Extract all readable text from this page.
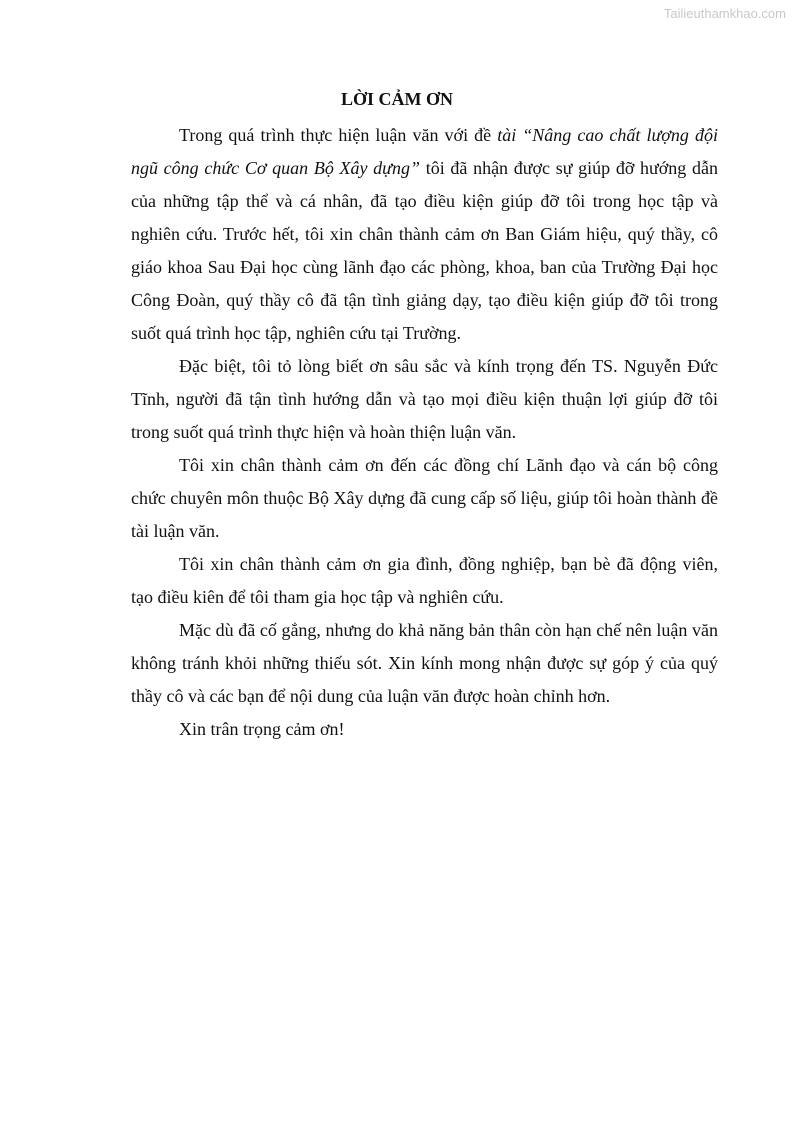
Tailieuthamkhao.com
LỜI CẢM ƠN

Trong quá trình thực hiện luận văn với đề tài “Nâng cao chất lượng đội ngũ công chức Cơ quan Bộ Xây dựng” tôi đã nhận được sự giúp đỡ hướng dẫn của những tập thể và cá nhân, đã tạo điều kiện giúp đỡ tôi trong học tập và nghiên cứu. Trước hết, tôi xin chân thành cảm ơn Ban Giám hiệu, quý thầy, cô giáo khoa Sau Đại học cùng lãnh đạo các phòng, khoa, ban của Trường Đại học Công Đoàn, quý thầy cô đã tận tình giảng dạy, tạo điều kiện giúp đỡ tôi trong suốt quá trình học tập, nghiên cứu tại Trường.

Đặc biệt, tôi tỏ lòng biết ơn sâu sắc và kính trọng đến TS. Nguyễn Đức Tĩnh, người đã tận tình hướng dẫn và tạo mọi điều kiện thuận lợi giúp đỡ tôi trong suốt quá trình thực hiện và hoàn thiện luận văn.

Tôi xin chân thành cảm ơn đến các đồng chí Lãnh đạo và cán bộ công chức chuyên môn thuộc Bộ Xây dựng đã cung cấp số liệu, giúp tôi hoàn thành đề tài luận văn.

Tôi xin chân thành cảm ơn gia đình, đồng nghiệp, bạn bè đã động viên, tạo điều kiên để tôi tham gia học tập và nghiên cứu.

Mặc dù đã cố gắng, nhưng do khả năng bản thân còn hạn chế nên luận văn không tránh khỏi những thiếu sót. Xin kính mong nhận được sự góp ý của quý thầy cô và các bạn để nội dung của luận văn được hoàn chỉnh hơn.

Xin trân trọng cảm ơn!
